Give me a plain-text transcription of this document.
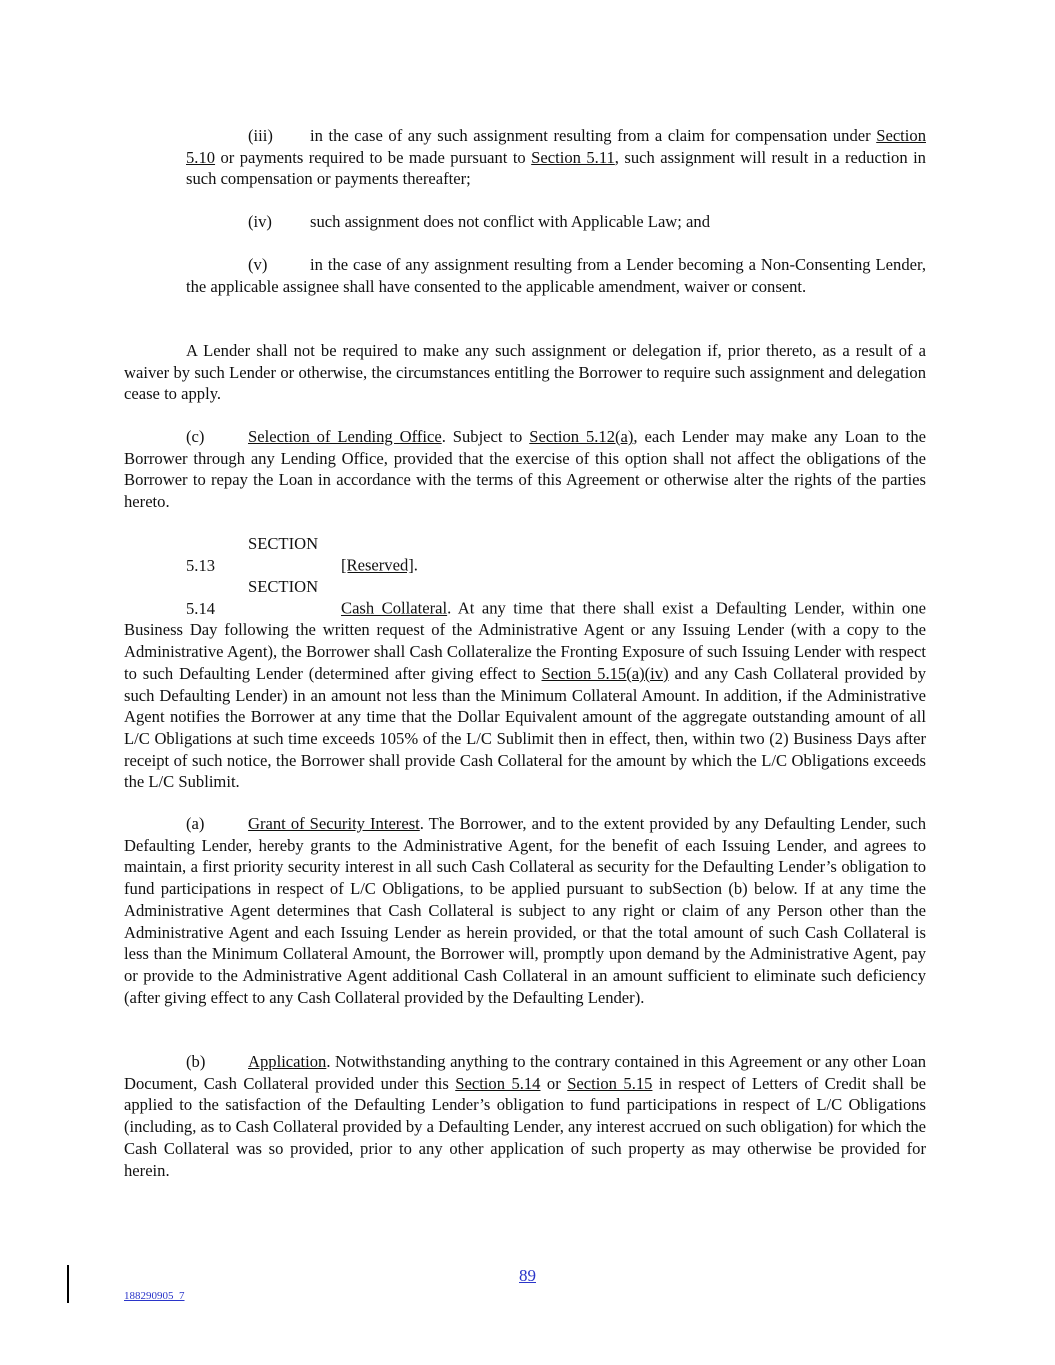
(iii) in the case of any such assignment resulting from a claim for compensation under Section 5.10 or payments required to be made pursuant to Section 5.11, such assignment will result in a reduction in such compensation or payments thereafter;

(iv) such assignment does not conflict with Applicable Law; and

(v)	in the case of any assignment resulting from a Lender becoming a Non-Consenting Lender, the applicable assignee shall have consented to the applicable amendment, waiver or consent.

A Lender shall not be required to make any such assignment or delegation if, prior thereto, as a result of a waiver by such Lender or otherwise, the circumstances entitling the Borrower to require such assignment and delegation cease to apply.

(c)	Selection of Lending Office. Subject to Section 5.12(a), each Lender may make any Loan to the Borrower through any Lending Office, provided that the exercise of this option shall not affect the obligations of the Borrower to repay the Loan in accordance with the terms of this Agreement or otherwise alter the rights of the parties hereto.

SECTION 5.13	[Reserved].

SECTION 5.14	Cash Collateral. At any time that there shall exist a Defaulting Lender, within one Business Day following the written request of the Administrative Agent or any Issuing Lender (with a copy to the Administrative Agent), the Borrower shall Cash Collateralize the Fronting Exposure of such Issuing Lender with respect to such Defaulting Lender (determined after giving effect to Section 5.15(a)(iv) and any Cash Collateral provided by such Defaulting Lender) in an amount not less than the Minimum Collateral Amount. In addition, if the Administrative Agent notifies the Borrower at any time that the Dollar Equivalent amount of the aggregate outstanding amount of all L/C Obligations at such time exceeds 105% of the L/C Sublimit then in effect, then, within two (2) Business Days after receipt of such notice, the Borrower shall provide Cash Collateral for the amount by which the L/C Obligations exceeds the L/C Sublimit.

(a)	Grant of Security Interest. The Borrower, and to the extent provided by any Defaulting Lender, such Defaulting Lender, hereby grants to the Administrative Agent, for the benefit of each Issuing Lender, and agrees to maintain, a first priority security interest in all such Cash Collateral as security for the Defaulting Lender’s obligation to fund participations in respect of L/C Obligations, to be applied pursuant to subSection (b) below. If at any time the Administrative Agent determines that Cash Collateral is subject to any right or claim of any Person other than the Administrative Agent and each Issuing Lender as herein provided, or that the total amount of such Cash Collateral is less than the Minimum Collateral Amount, the Borrower will, promptly upon demand by the Administrative Agent, pay or provide to the Administrative Agent additional Cash Collateral in an amount sufficient to eliminate such deficiency (after giving effect to any Cash Collateral provided by the Defaulting Lender).

(b)	Application. Notwithstanding anything to the contrary contained in this Agreement or any other Loan Document, Cash Collateral provided under this Section 5.14 or Section 5.15 in respect of Letters of Credit shall be applied to the satisfaction of the Defaulting Lender’s obligation to fund participations in respect of L/C Obligations (including, as to Cash Collateral provided by a Defaulting Lender, any interest accrued on such obligation) for which the Cash Collateral was so provided, prior to any other application of such property as may otherwise be provided for herein.

89
188290905_7
